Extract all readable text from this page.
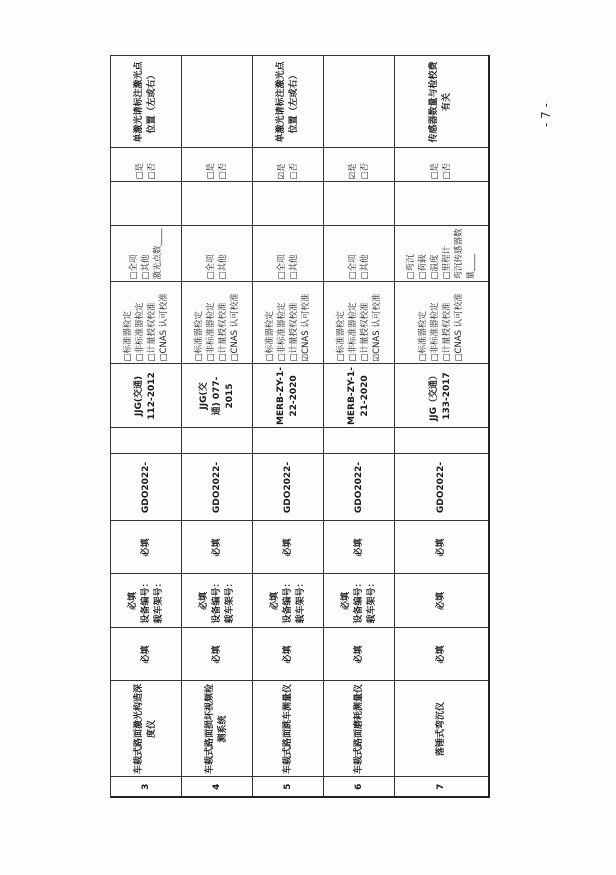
3	车载式路面激光构造深度仪	必填	
必填 设备编号： 载车架号：
	必填	GDO2022-		
JJG(交通) 112-2012

□标准器检定 □非标准器检定 □计量授权校准 □CNAS 认可校准

□全项 □其他 激光点数____

□是 □否
	单激光请标注激光点位置（左或右）
4	车载式路面损坏视频检测系统	必填	
必填 设备编号： 载车架号：
	必填	GDO2022-		
JJG(交 通) 077-2015

□标准器检定 □非标准器检定 □计量授权校准 □CNAS 认可校准

□全项 □其他

□是 □否

5	车载式路面跳车测量仪	必填	
必填 设备编号： 载车架号：
	必填	GDO2022-		
MERB-ZY-1- 22-2020

□标准器检定 □非标准器检定 □计量授权校准 ☑CNAS 认可校准

□全项 □其他

☑是 □否
	单激光请标注激光点位置（左或右）
6	车载式路面磨耗测量仪	必填	
必填 设备编号： 载车架号：
	必填	GDO2022-		
MERB-ZY-1- 21-2020

□标准器检定 □非标准器检定 □计量授权校准 ☑CNAS 认可校准

□全项 □其他

☑是 □否

7	落锤式弯沉仪	必填	
必填
	必填	GDO2022-		
JJG（交通） 133-2017

□标准器检定 □非标准器检定 □计量授权校准 □CNAS 认可校准

□弯沉 □荷载 □温度 □里程计 弯沉传感器数量____

□是 □否
	传感器数量与检校费有关
- 7 -
